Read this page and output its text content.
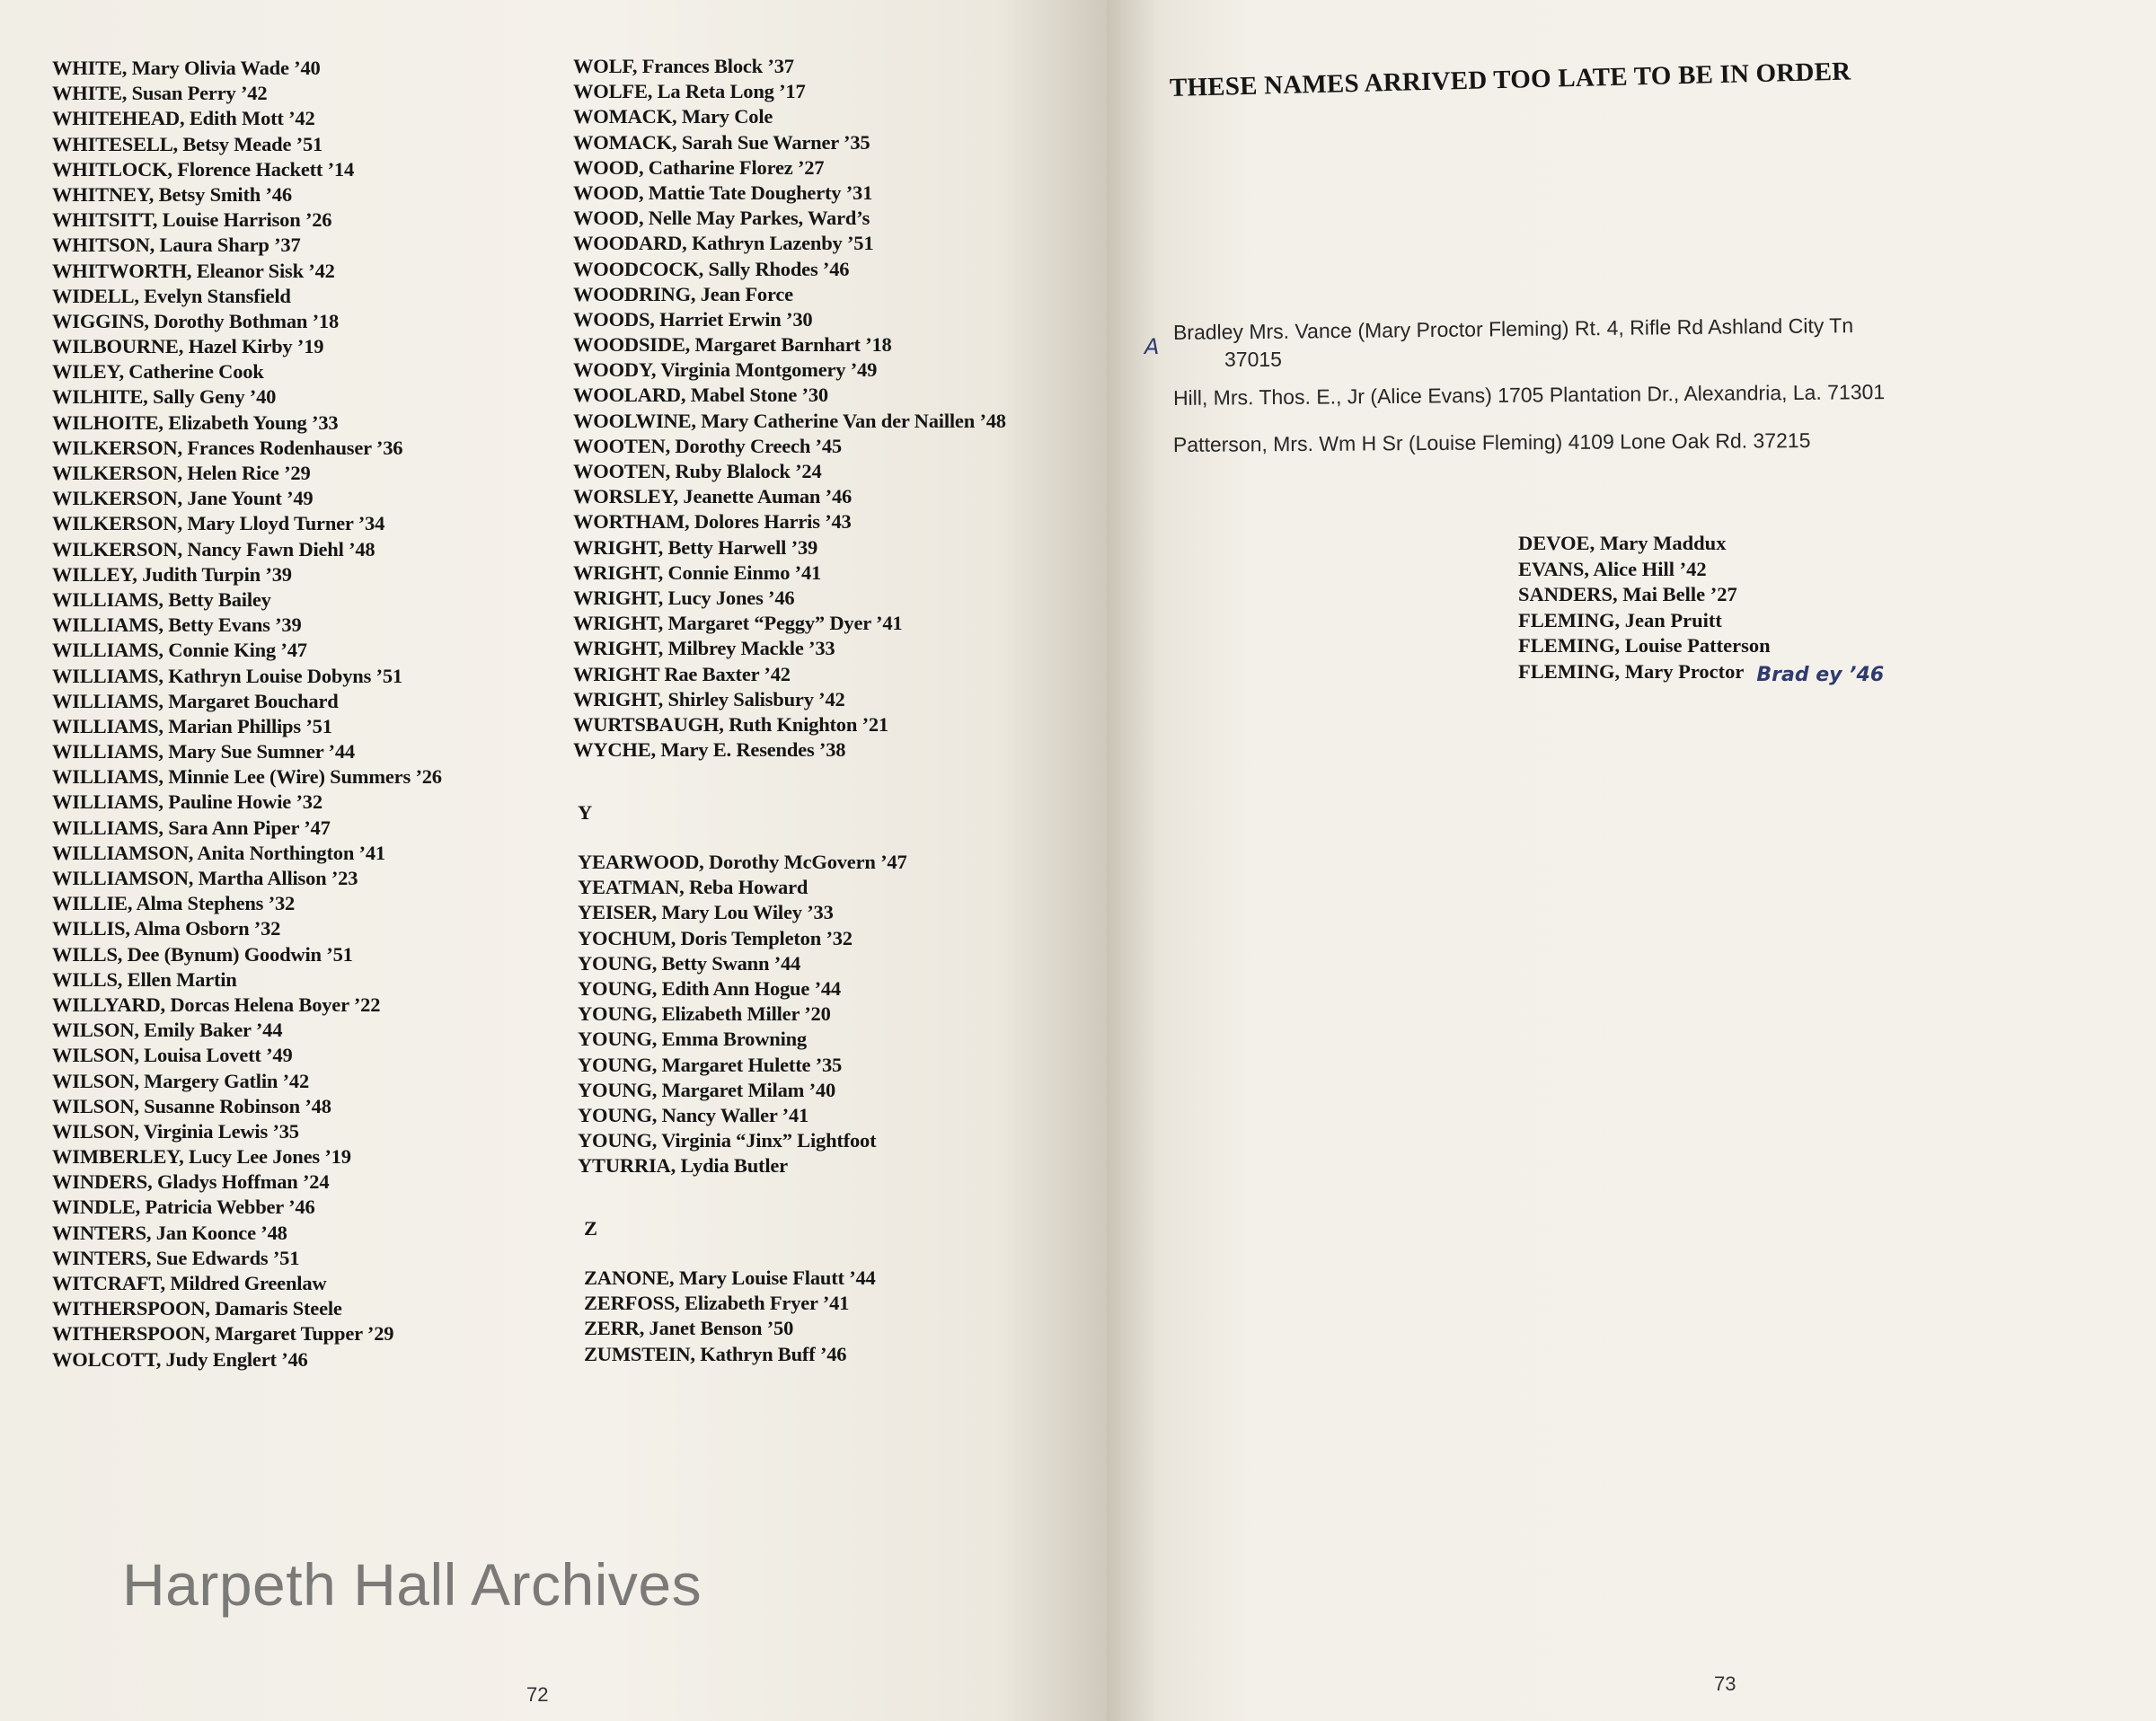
WHITE, Mary Olivia Wade ’40
WHITE, Susan Perry ’42
WHITEHEAD, Edith Mott ’42
WHITESELL, Betsy Meade ’51
WHITLOCK, Florence Hackett ’14
WHITNEY, Betsy Smith ’46
WHITSITT, Louise Harrison ’26
WHITSON, Laura Sharp ’37
WHITWORTH, Eleanor Sisk ’42
WIDELL, Evelyn Stansfield
WIGGINS, Dorothy Bothman ’18
WILBOURNE, Hazel Kirby ’19
WILEY, Catherine Cook
WILHITE, Sally Geny ’40
WILHOITE, Elizabeth Young ’33
WILKERSON, Frances Rodenhauser ’36
WILKERSON, Helen Rice ’29
WILKERSON, Jane Yount ’49
WILKERSON, Mary Lloyd Turner ’34
WILKERSON, Nancy Fawn Diehl ’48
WILLEY, Judith Turpin ’39
WILLIAMS, Betty Bailey
WILLIAMS, Betty Evans ’39
WILLIAMS, Connie King ’47
WILLIAMS, Kathryn Louise Dobyns ’51
WILLIAMS, Margaret Bouchard
WILLIAMS, Marian Phillips ’51
WILLIAMS, Mary Sue Sumner ’44
WILLIAMS, Minnie Lee (Wire) Summers ’26
WILLIAMS, Pauline Howie ’32
WILLIAMS, Sara Ann Piper ’47
WILLIAMSON, Anita Northington ’41
WILLIAMSON, Martha Allison ’23
WILLIE, Alma Stephens ’32
WILLIS, Alma Osborn ’32
WILLS, Dee (Bynum) Goodwin ’51
WILLS, Ellen Martin
WILLYARD, Dorcas Helena Boyer ’22
WILSON, Emily Baker ’44
WILSON, Louisa Lovett ’49
WILSON, Margery Gatlin ’42
WILSON, Susanne Robinson ’48
WILSON, Virginia Lewis ’35
WIMBERLEY, Lucy Lee Jones ’19
WINDERS, Gladys Hoffman ’24
WINDLE, Patricia Webber ’46
WINTERS, Jan Koonce ’48
WINTERS, Sue Edwards ’51
WITCRAFT, Mildred Greenlaw
WITHERSPOON, Damaris Steele
WITHERSPOON, Margaret Tupper ’29
WOLCOTT, Judy Englert ’46
WOLF, Frances Block ’37
WOLFE, La Reta Long ’17
WOMACK, Mary Cole
WOMACK, Sarah Sue Warner ’35
WOOD, Catharine Florez ’27
WOOD, Mattie Tate Dougherty ’31
WOOD, Nelle May Parkes, Ward’s
WOODARD, Kathryn Lazenby ’51
WOODCOCK, Sally Rhodes ’46
WOODRING, Jean Force
WOODS, Harriet Erwin ’30
WOODSIDE, Margaret Barnhart ’18
WOODY, Virginia Montgomery ’49
WOOLARD, Mabel Stone ’30
WOOLWINE, Mary Catherine Van der Naillen ’48
WOOTEN, Dorothy Creech ’45
WOOTEN, Ruby Blalock ’24
WORSLEY, Jeanette Auman ’46
WORTHAM, Dolores Harris ’43
WRIGHT, Betty Harwell ’39
WRIGHT, Connie Einmo ’41
WRIGHT, Lucy Jones ’46
WRIGHT, Margaret “Peggy” Dyer ’41
WRIGHT, Milbrey Mackle ’33
WRIGHT Rae Baxter ’42
WRIGHT, Shirley Salisbury ’42
WURTSBAUGH, Ruth Knighton ’21
WYCHE, Mary E. Resendes ’38
Y
YEARWOOD, Dorothy McGovern ’47
YEATMAN, Reba Howard
YEISER, Mary Lou Wiley ’33
YOCHUM, Doris Templeton ’32
YOUNG, Betty Swann ’44
YOUNG, Edith Ann Hogue ’44
YOUNG, Elizabeth Miller ’20
YOUNG, Emma Browning
YOUNG, Margaret Hulette ’35
YOUNG, Margaret Milam ’40
YOUNG, Nancy Waller ’41
YOUNG, Virginia “Jinx” Lightfoot
YTURRIA, Lydia Butler
Z
ZANONE, Mary Louise Flautt ’44
ZERFOSS, Elizabeth Fryer ’41
ZERR, Janet Benson ’50
ZUMSTEIN, Kathryn Buff ’46
Harpeth Hall Archives
72
THESE NAMES ARRIVED TOO LATE TO BE IN ORDER
A

Bradley Mrs. Vance (Mary Proctor Fleming) Rt. 4, Rifle Rd Ashland City Tn

37015

Hill, Mrs. Thos. E., Jr (Alice Evans) 1705 Plantation Dr., Alexandria, La. 71301

Patterson, Mrs. Wm H Sr (Louise Fleming) 4109 Lone Oak Rd. 37215

DEVOE, Mary Maddux
EVANS, Alice Hill ’42
SANDERS, Mai Belle ’27
FLEMING, Jean Pruitt
FLEMING, Louise Patterson
FLEMING, Mary Proctor Brad ey ’46
73
